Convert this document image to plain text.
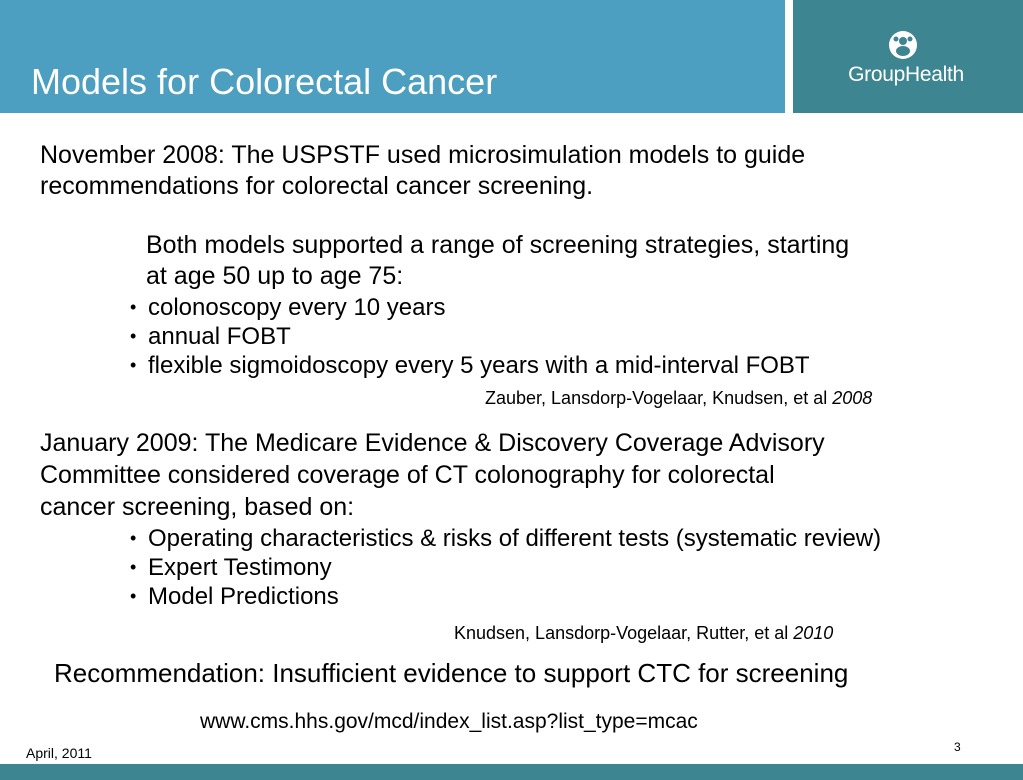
Models for Colorectal Cancer	GroupHealth
November 2008: The USPSTF used microsimulation models to guide
recommendations for colorectal cancer screening.
Both models supported a range of screening strategies, starting
at age 50 up to age 75:
• colonoscopy every 10 years
• annual FOBT
• flexible sigmoidoscopy every 5 years with a mid-interval FOBT
Zauber, Lansdorp-Vogelaar, Knudsen, et al 2008
January 2009: The Medicare Evidence & Discovery Coverage Advisory
Committee considered coverage of CT colonography for colorectal
cancer screening, based on:
• Operating characteristics & risks of different tests (systematic review)
• Expert Testimony
• Model Predictions
Knudsen, Lansdorp-Vogelaar, Rutter, et al 2010
Recommendation: Insufficient evidence to support CTC for screening
www.cms.hhs.gov/mcd/index_list.asp?list_type=mcac
April, 2011	3
